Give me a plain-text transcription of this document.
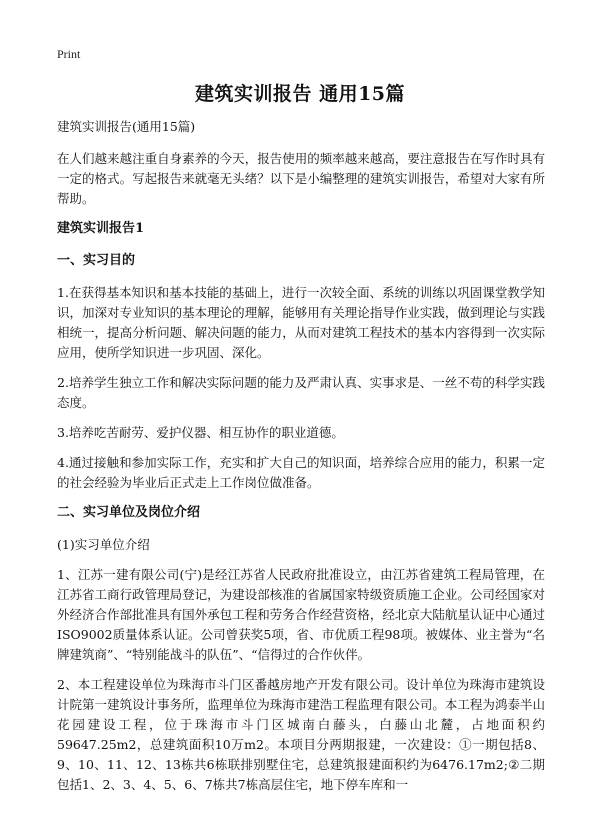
Print
建筑实训报告 通用15篇

建筑实训报告(通用15篇)

在人们越来越注重自身素养的今天，报告使用的频率越来越高，要注意报告在写作时具有一定的格式。写起报告来就毫无头绪？以下是小编整理的建筑实训报告，希望对大家有所帮助。

建筑实训报告1
一、实习目的

1.在获得基本知识和基本技能的基础上，进行一次较全面、系统的训练以巩固课堂教学知识，加深对专业知识的基本理论的理解，能够用有关理论指导作业实践，做到理论与实践相统一，提高分析问题、解决问题的能力，从而对建筑工程技术的基本内容得到一次实际应用，使所学知识进一步巩固、深化。

2.培养学生独立工作和解决实际问题的能力及严肃认真、实事求是、一丝不苟的科学实践态度。

3.培养吃苦耐劳、爱护仪器、相互协作的职业道德。

4.通过接触和参加实际工作，充实和扩大自己的知识面，培养综合应用的能力，积累一定的社会经验为毕业后正式走上工作岗位做准备。

二、实习单位及岗位介绍

(1)实习单位介绍

1、江苏一建有限公司(宁)是经江苏省人民政府批准设立，由江苏省建筑工程局管理，在江苏省工商行政管理局登记，为建设部核准的省属国家特级资质施工企业。公司经国家对外经济合作部批准具有国外承包工程和劳务合作经营资格，经北京大陆航星认证中心通过ISO9002质量体系认证。公司曾获奖5项，省、市优质工程98项。被媒体、业主誉为“名牌建筑商”、“特别能战斗的队伍”、“信得过的合作伙伴。

2、本工程建设单位为珠海市斗门区番越房地产开发有限公司。设计单位为珠海市建筑设计院第一建筑设计事务所，监理单位为珠海市建浩工程监理有限公司。本工程为鸿泰半山花园建设工程，位于珠海市斗门区城南白藤头，白藤山北麓，占地面积约59647.25m2，总建筑面积10万m2。本项目分两期报建，一次建设：①一期包括8、9、10、11、12、13栋共6栋联排别墅住宅，总建筑报建面积约为6476.17m2;②二期包括1、2、3、4、5、6、7栋共7栋高层住宅，地下停车库和一
